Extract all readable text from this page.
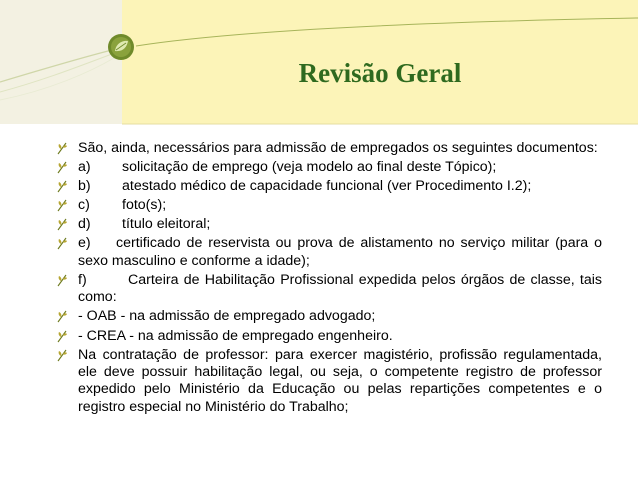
Revisão Geral
São, ainda, necessários para admissão de empregados os seguintes documentos:
a) solicitação de emprego (veja modelo ao final deste Tópico);
b) atestado médico de capacidade funcional (ver Procedimento I.2);
c) foto(s);
d) título eleitoral;
e) certificado de reservista ou prova de alistamento no serviço militar (para o sexo masculino e conforme a idade);
f)	Carteira de Habilitação Profissional expedida pelos órgãos de classe, tais como:
- OAB - na admissão de empregado advogado;
- CREA - na admissão de empregado engenheiro.
Na contratação de professor: para exercer magistério, profissão regulamentada, ele deve possuir habilitação legal, ou seja, o competente registro de professor expedido pelo Ministério da Educação ou pelas repartições competentes e o registro especial no Ministério do Trabalho;
